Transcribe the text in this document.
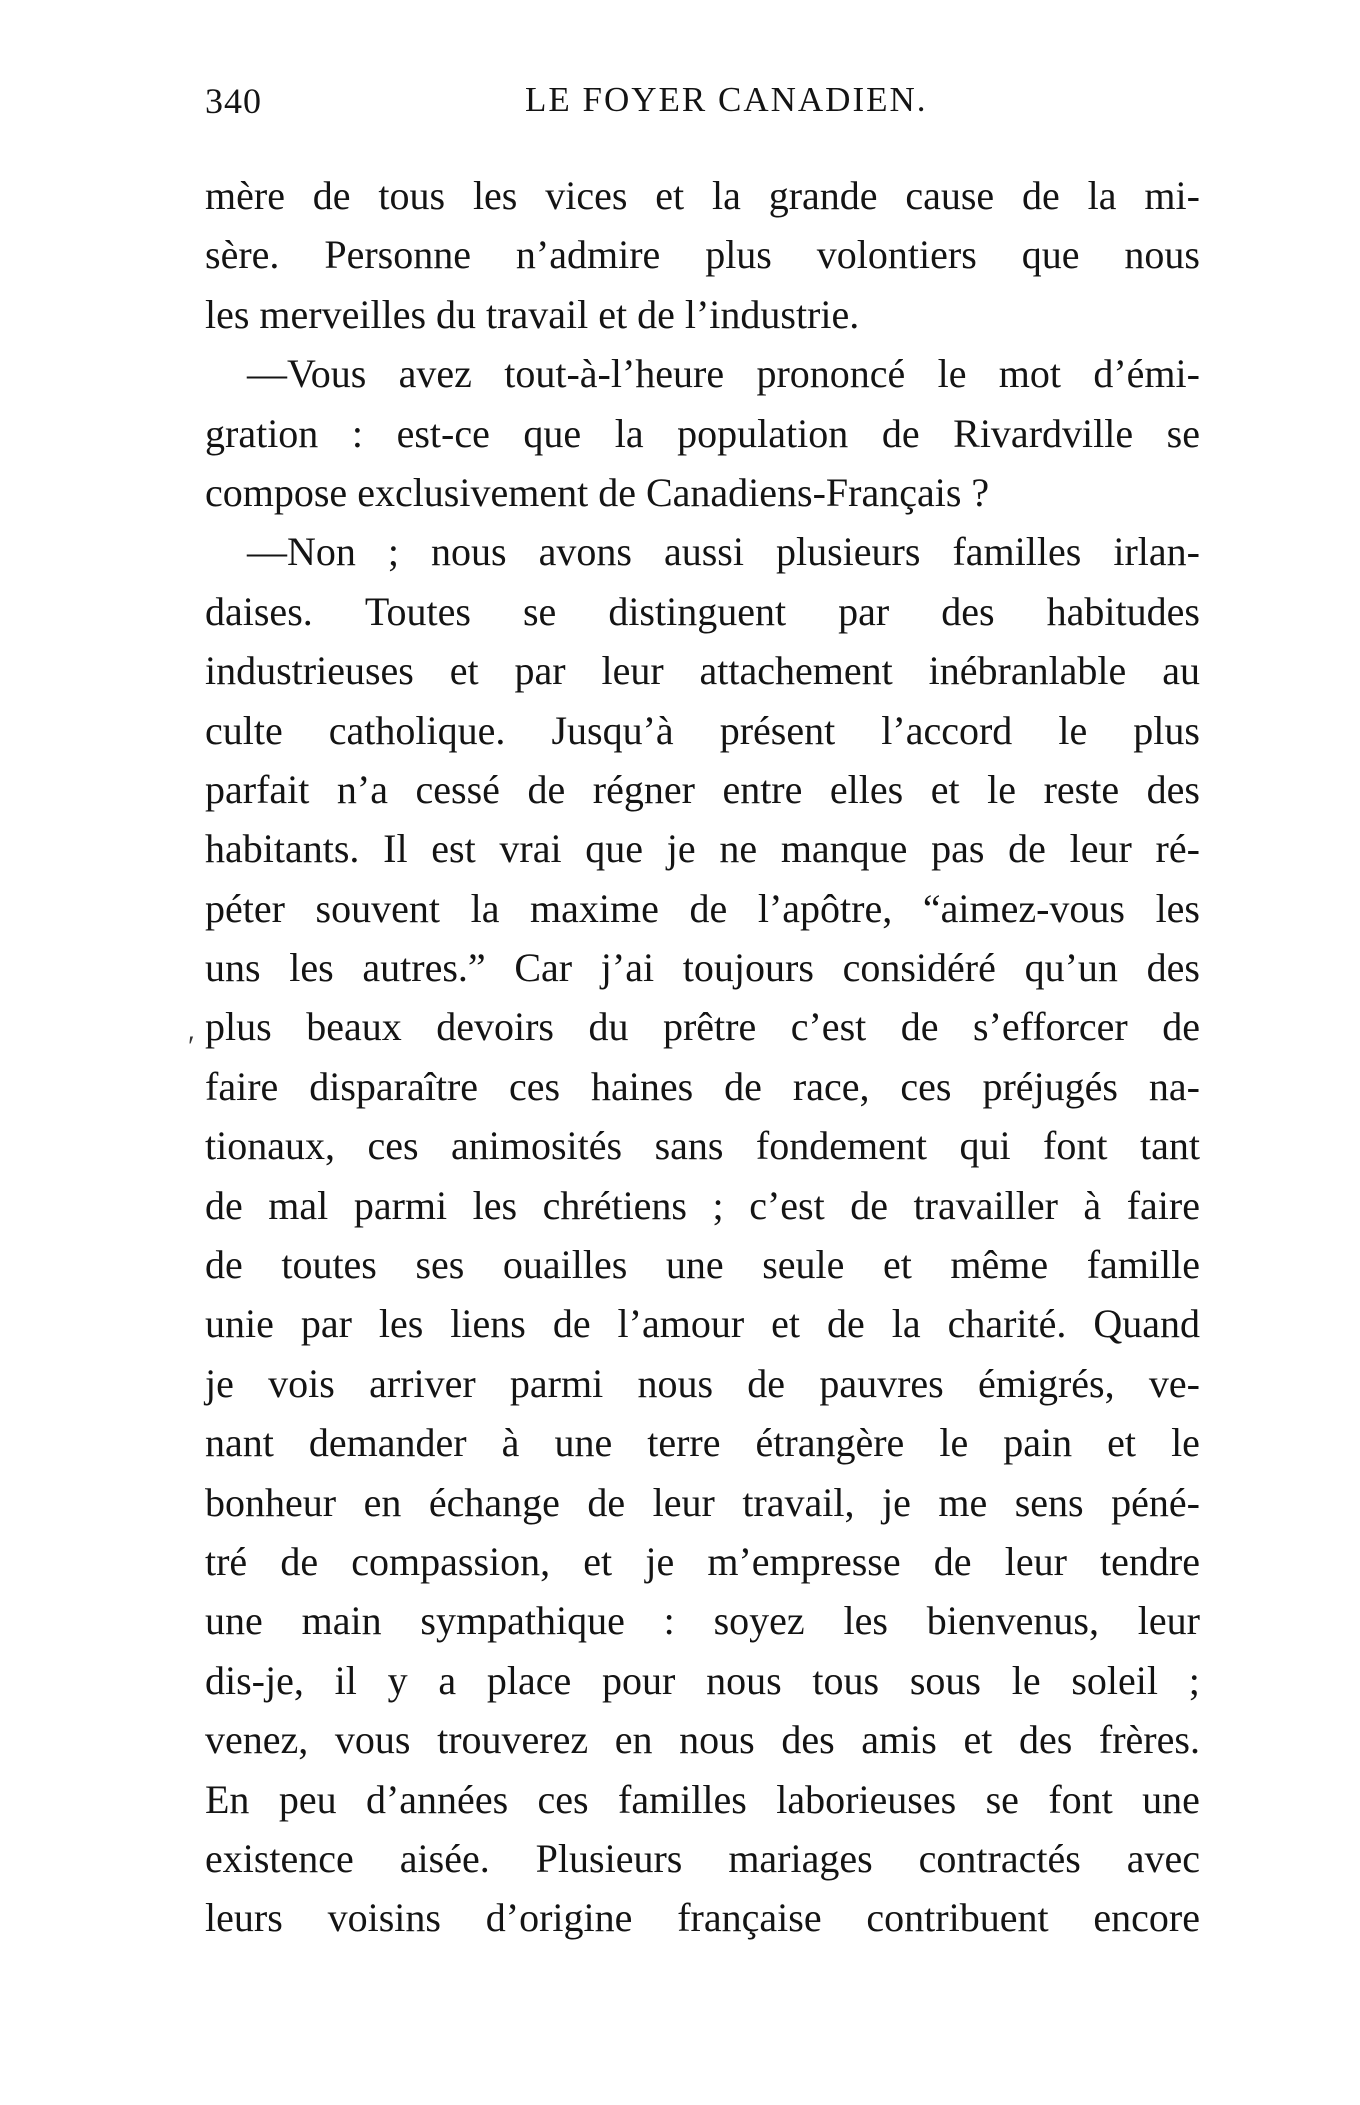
340	LE FOYER CANADIEN.
′
mère de tous les vices et la grande cause de la mi-
sère. Personne n’admire plus volontiers que nous
les merveilles du travail et de l’industrie.
—Vous avez tout-à-l’heure prononcé le mot d’émi-
gration : est-ce que la population de Rivardville se
compose exclusivement de Canadiens-Français ?
—Non ; nous avons aussi plusieurs familles irlan-
daises. Toutes se distinguent par des habitudes
industrieuses et par leur attachement inébranlable au
culte catholique. Jusqu’à présent l’accord le plus
parfait n’a cessé de régner entre elles et le reste des
habitants. Il est vrai que je ne manque pas de leur ré-
péter souvent la maxime de l’apôtre, “aimez-vous les
uns les autres.” Car j’ai toujours considéré qu’un des
plus beaux devoirs du prêtre c’est de s’efforcer de
faire disparaître ces haines de race, ces préjugés na-
tionaux, ces animosités sans fondement qui font tant
de mal parmi les chrétiens ; c’est de travailler à faire
de toutes ses ouailles une seule et même famille
unie par les liens de l’amour et de la charité. Quand
je vois arriver parmi nous de pauvres émigrés, ve-
nant demander à une terre étrangère le pain et le
bonheur en échange de leur travail, je me sens péné-
tré de compassion, et je m’empresse de leur tendre
une main sympathique : soyez les bienvenus, leur
dis-je, il y a place pour nous tous sous le soleil ;
venez, vous trouverez en nous des amis et des frères.
En peu d’années ces familles laborieuses se font une
existence aisée. Plusieurs mariages contractés avec
leurs voisins d’origine française contribuent encore
